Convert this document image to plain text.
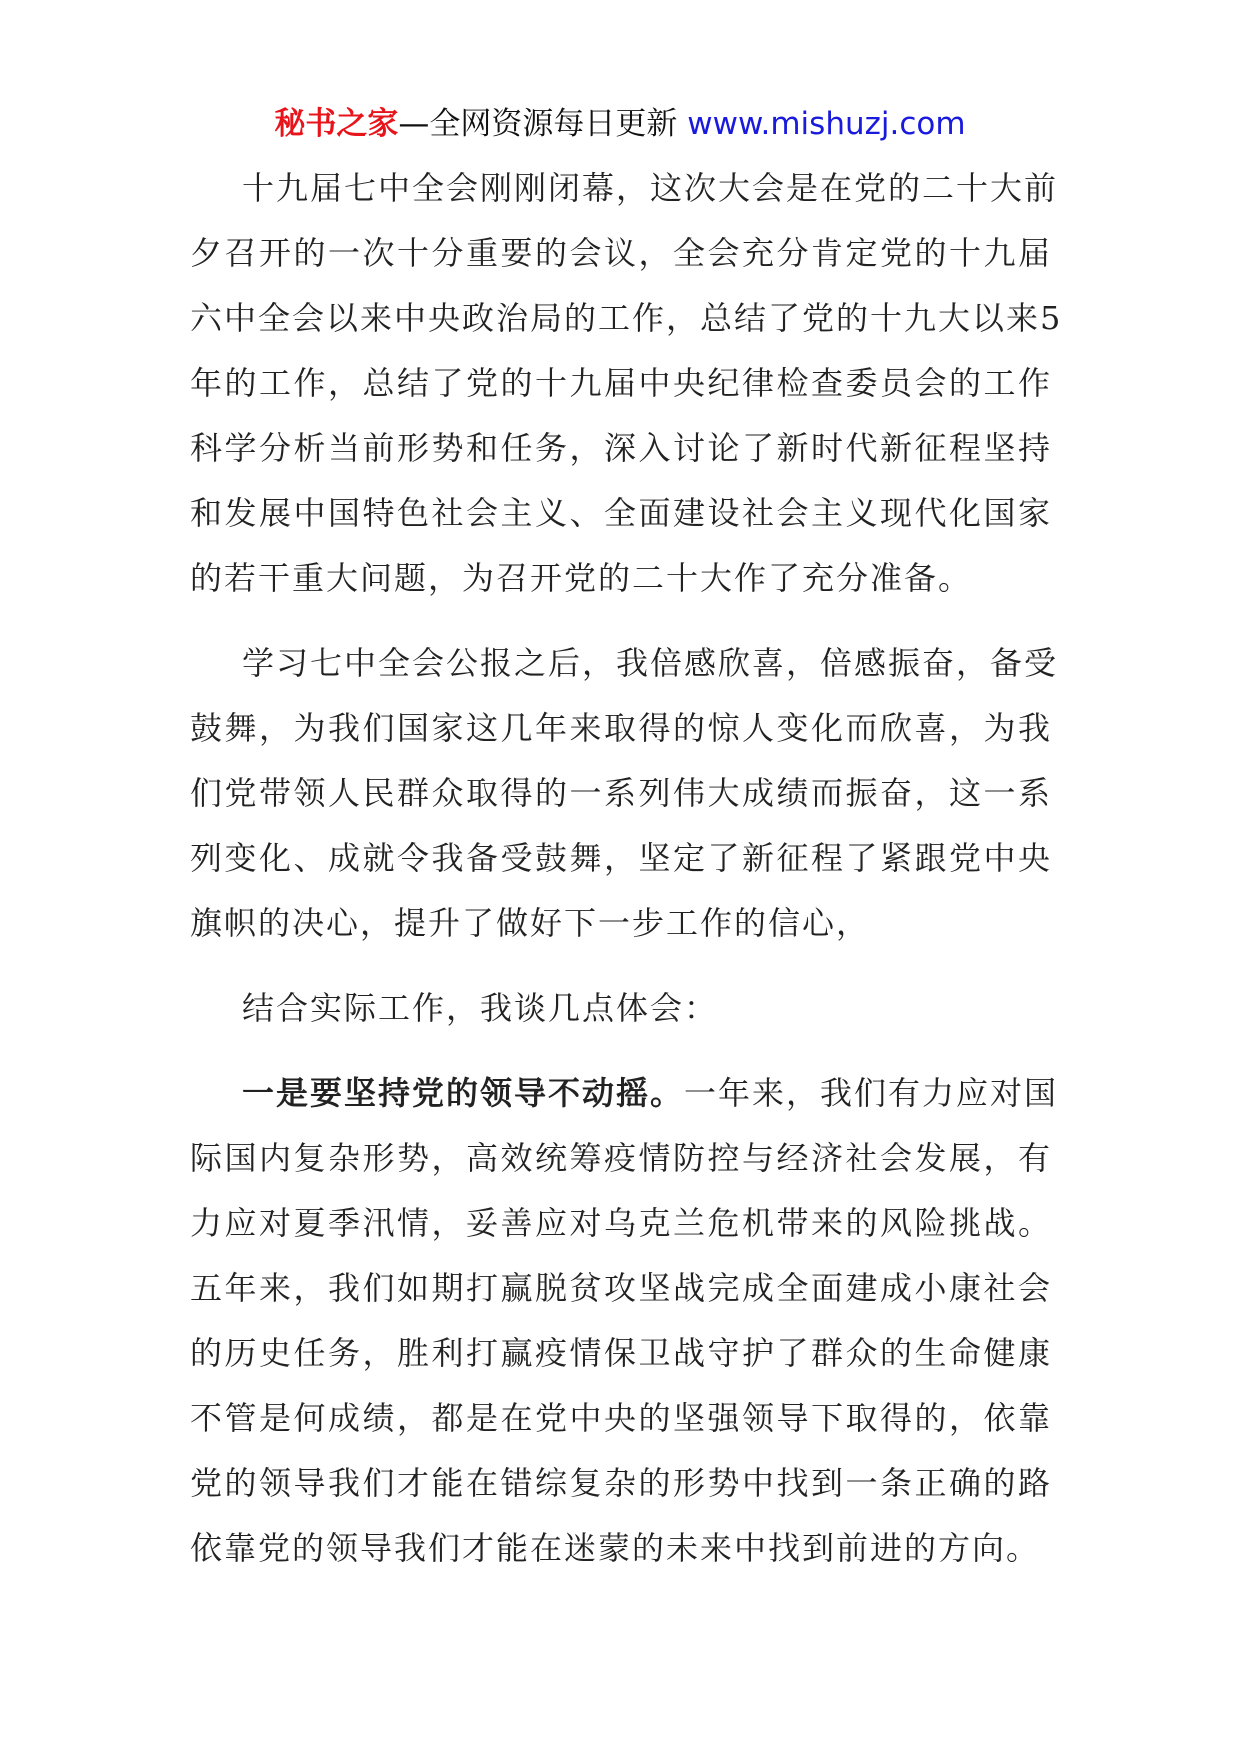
秘书之家—全网资源每日更新 www.mishuzj.com

十九届七中全会刚刚闭幕，这次大会是在党的二十大前
夕召开的一次十分重要的会议，全会充分肯定党的十九届
六中全会以来中央政治局的工作，总结了党的十九大以来5
年的工作，总结了党的十九届中央纪律检查委员会的工作
科学分析当前形势和任务，深入讨论了新时代新征程坚持
和发展中国特色社会主义、全面建设社会主义现代化国家
的若干重大问题，为召开党的二十大作了充分准备。

学习七中全会公报之后，我倍感欣喜，倍感振奋，备受
鼓舞，为我们国家这几年来取得的惊人变化而欣喜，为我
们党带领人民群众取得的一系列伟大成绩而振奋，这一系
列变化、成就令我备受鼓舞，坚定了新征程了紧跟党中央
旗帜的决心，提升了做好下一步工作的信心，

结合实际工作，我谈几点体会：

一是要坚持党的领导不动摇。一年来，我们有力应对国
际国内复杂形势，高效统筹疫情防控与经济社会发展，有
力应对夏季汛情，妥善应对乌克兰危机带来的风险挑战。
五年来，我们如期打赢脱贫攻坚战完成全面建成小康社会
的历史任务，胜利打赢疫情保卫战守护了群众的生命健康
不管是何成绩，都是在党中央的坚强领导下取得的，依靠
党的领导我们才能在错综复杂的形势中找到一条正确的路
依靠党的领导我们才能在迷蒙的未来中找到前进的方向。
